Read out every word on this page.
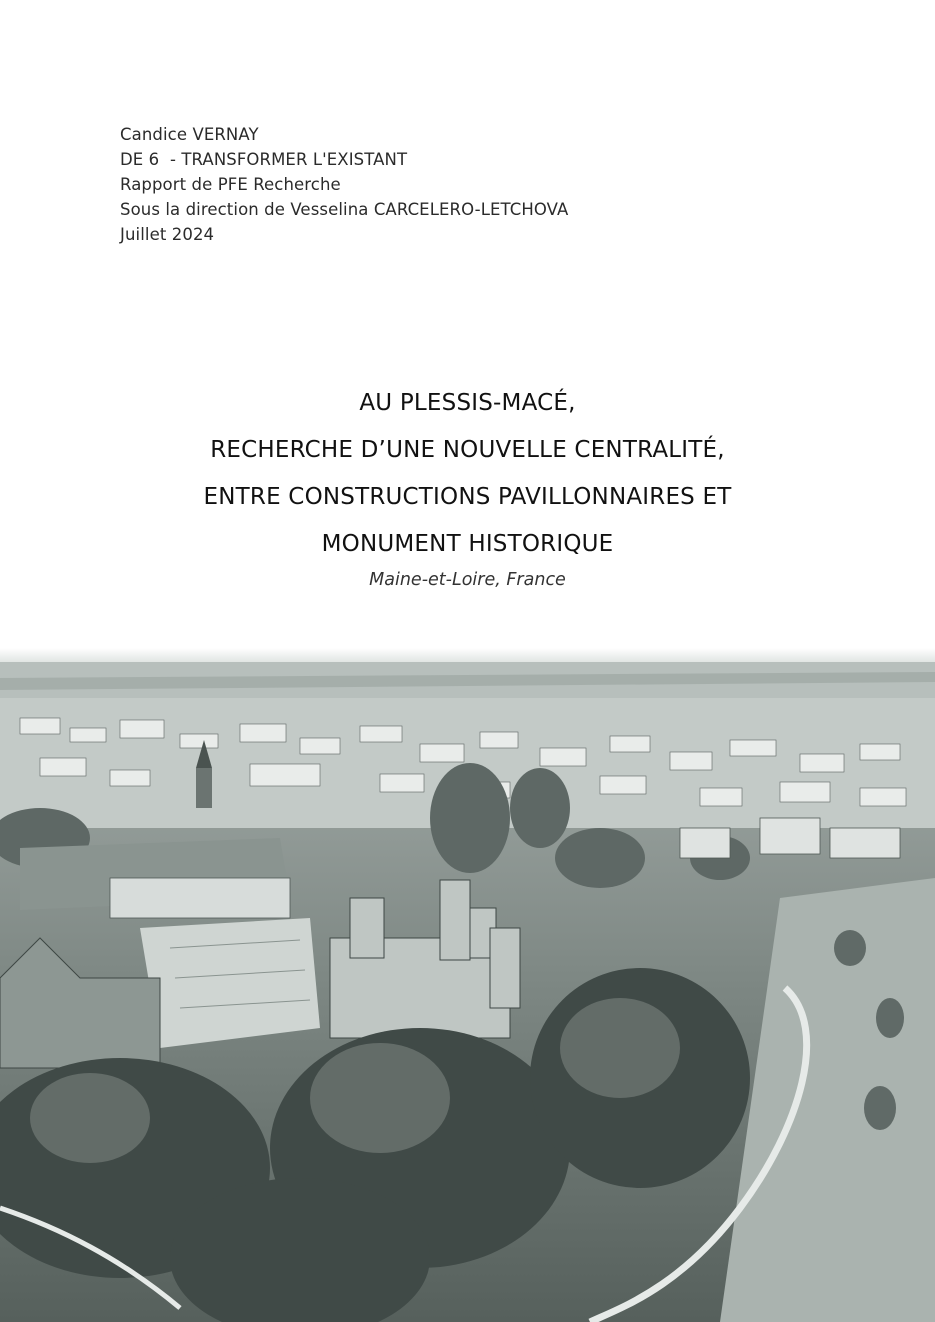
Candice VERNAY
DE 6  - TRANSFORMER L'EXISTANT
Rapport de PFE Recherche
Sous la direction de Vesselina CARCELERO-LETCHOVA
Juillet 2024
AU PLESSIS-MACÉ,
RECHERCHE D’UNE NOUVELLE CENTRALITÉ,
ENTRE CONSTRUCTIONS PAVILLONNAIRES ET
MONUMENT HISTORIQUE
Maine-et-Loire, France
